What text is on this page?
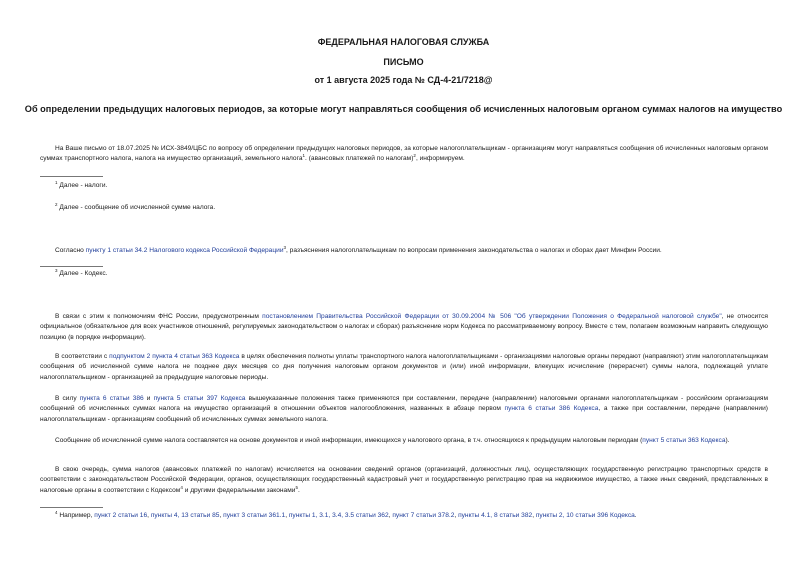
ФЕДЕРАЛЬНАЯ НАЛОГОВАЯ СЛУЖБА
ПИСЬМО
от 1 августа 2025 года № СД-4-21/7218@
Об определении предыдущих налоговых периодов, за которые могут направляться сообщения об исчисленных налоговым органом суммах налогов на имущество
На Ваше письмо от 18.07.2025 № ИСХ-3849/ЦБС по вопросу об определении предыдущих налоговых периодов, за которые налогоплательщикам - организациям могут направляться сообщения об исчисленных налоговым органом суммах транспортного налога, налога на имущество организаций, земельного налога$^1$. (авансовых платежей по налогам)$^2$, информируем.
$^1$ Далее - налоги.
$^2$ Далее - сообщение об исчисленной сумме налога.
Согласно пункту 1 статьи 34.2 Налогового кодекса Российской Федерации$^3$, разъяснения налогоплательщикам по вопросам применения законодательства о налогах и сборах дает Минфин России.
$^3$ Далее - Кодекс.
В связи с этим к полномочиям ФНС России, предусмотренным постановлением Правительства Российской Федерации от 30.09.2004 № 506 "Об утверждении Положения о Федеральной налоговой службе", не относится официальное (обязательное для всех участников отношений, регулируемых законодательством о налогах и сборах) разъяснение норм Кодекса по рассматриваемому вопросу. Вместе с тем, полагаем возможным направить следующую позицию (в порядке информации).
В соответствии с подпунктом 2 пункта 4 статьи 363 Кодекса в целях обеспечения полноты уплаты транспортного налога налогоплательщиками - организациями налоговые органы передают (направляют) этим налогоплательщикам сообщения об исчисленной сумме налога не позднее двух месяцев со дня получения налоговым органом документов и (или) иной информации, влекущих исчисление (перерасчет) суммы налога, подлежащей уплате налогоплательщиком - организацией за предыдущие налоговые периоды.
В силу пункта 6 статьи 386 и пункта 5 статьи 397 Кодекса вышеуказанные положения также применяются при составлении, передаче (направлении) налоговыми органами налогоплательщикам - российским организациям сообщений об исчисленных суммах налога на имущество организаций в отношении объектов налогообложения, названных в абзаце первом пункта 6 статьи 386 Кодекса, а также при составлении, передаче (направлении) налогоплательщикам - организациям сообщений об исчисленных суммах земельного налога.
Сообщение об исчисленной сумме налога составляется на основе документов и иной информации, имеющихся у налогового органа, в т.ч. относящихся к предыдущим налоговым периодам (пункт 5 статьи 363 Кодекса).
В свою очередь, сумма налогов (авансовых платежей по налогам) исчисляется на основании сведений органов (организаций, должностных лиц), осуществляющих государственную регистрацию транспортных средств в соответствии с законодательством Российской Федерации, органов, осуществляющих государственный кадастровый учет и государственную регистрацию прав на недвижимое имущество, а также иных сведений, представленных в налоговые органы в соответствии с Кодексом$^4$ и другими федеральными законами$^5$.
$^4$ Например, пункт 2 статьи 16, пункты 4, 13 статьи 85, пункт 3 статьи 361.1, пункты 1, 3.1, 3.4, 3.5 статьи 362, пункт 7 статьи 378.2, пункты 4.1, 8 статьи 382, пункты 2, 10 статьи 396 Кодекса.
